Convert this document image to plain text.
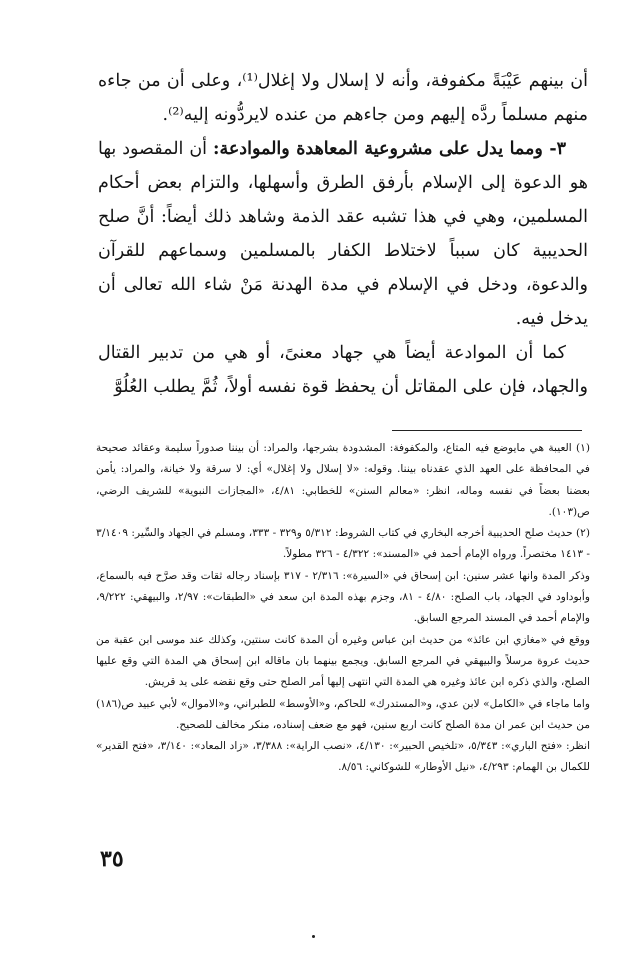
أن بينهم عَيْبَةً مكفوفة، وأنه لا إسلال ولا إغلال⁽¹⁾، وعلى أن من جاءه منهم مسلماً ردَّه إليهم ومن جاءهم من عنده لايردُّونه إليه⁽²⁾.

٣- ومما يدل على مشروعية المعاهدة والموادعة: أن المقصود بها هو الدعوة إلى الإسلام بأرفق الطرق وأسهلها، والتزام بعض أحكام المسلمين، وهي في هذا تشبه عقد الذمة وشاهد ذلك أيضاً: أنَّ صلح الحديبية كان سبباً لاختلاط الكفار بالمسلمين وسماعهم للقرآن والدعوة، ودخل في الإسلام في مدة الهدنة مَنْ شاء الله تعالى أن يدخل فيه.

كما أن الموادعة أيضاً هي جهاد معنىً، أو هي من تدبير القتال والجهاد، فإن على المقاتل أن يحفظ قوة نفسه أولاً، ثُمَّ يطلب العُلُوَّ

(١) العيبة هي مايوضع فيه المتاع، والمكفوفة: المشدودة بشرجها، والمراد: أن بيننا صدوراً سليمة وعقائد صحيحة في المحافظة على العهد الذي عقدناه بيننا. وقوله: «لا إسلال ولا إغلال» أي: لا سرقة ولا خيانة، والمراد: يأمن بعضنا بعضاً في نفسه وماله، انظر: «معالم السنن» للخطابي: ٤/٨١، «المجازات النبوية» للشريف الرضي، ص(١٠٣).

(٢) حديث صلح الحديبية أخرجه البخاري في كتاب الشروط: ٥/٣١٢ و٣٢٩ - ٣٣٣، ومسلم في الجهاد والسِّير: ٣/١٤٠٩ - ١٤١٣ مختصراً. ورواه الإمام أحمد في «المسند»: ٤/٣٢٢ - ٣٢٦ مطولاً.

وذكر المدة وانها عشر سنين: ابن إسحاق في «السيرة»: ٢/٣١٦ - ٣١٧ بإسناد رجاله ثقات وقد صرَّح فيه بالسماع، وأبوداود في الجهاد، باب الصلح: ٤/٨٠ - ٨١، وجزم بهذه المدة ابن سعد في «الطبقات»: ٢/٩٧، والبيهقي: ٩/٢٢٢، والإمام أحمد في المسند المرجع السابق.

ووقع في «مغازي ابن عائذ» من حديث ابن عباس وغيره أن المدة كانت سنتين، وكذلك عند موسى ابن عقبة من حديث عروة مرسلاً والبيهقي في المرجع السابق. ويجمع بينهما بان ماقاله ابن إسحاق هي المدة التي وقع عليها الصلح، والذي ذكره ابن عائذ وغيره هي المدة التي انتهى إليها أمر الصلح حتى وقع نقضه على يد قريش.

واما ماجاء في «الكامل» لابن عدي، و«المستدرك» للحاكم، و«الأوسط» للطبراني، و«الاموال» لأبي عبيد ص(١٨٦) من حديث ابن عمر ان مدة الصلح كانت اربع سنين، فهو مع ضعف إسناده، منكر مخالف للصحيح.

انظر: «فتح الباري»: ٥/٣٤٣، «تلخيص الحبير»: ٤/١٣٠، «نصب الراية»: ٣/٣٨٨، «زاد المعاد»: ٣/١٤٠، «فتح القدير» للكمال بن الهمام: ٤/٢٩٣، «نيل الأوطار» للشوكاني: ٨/٥٦.

٣٥
